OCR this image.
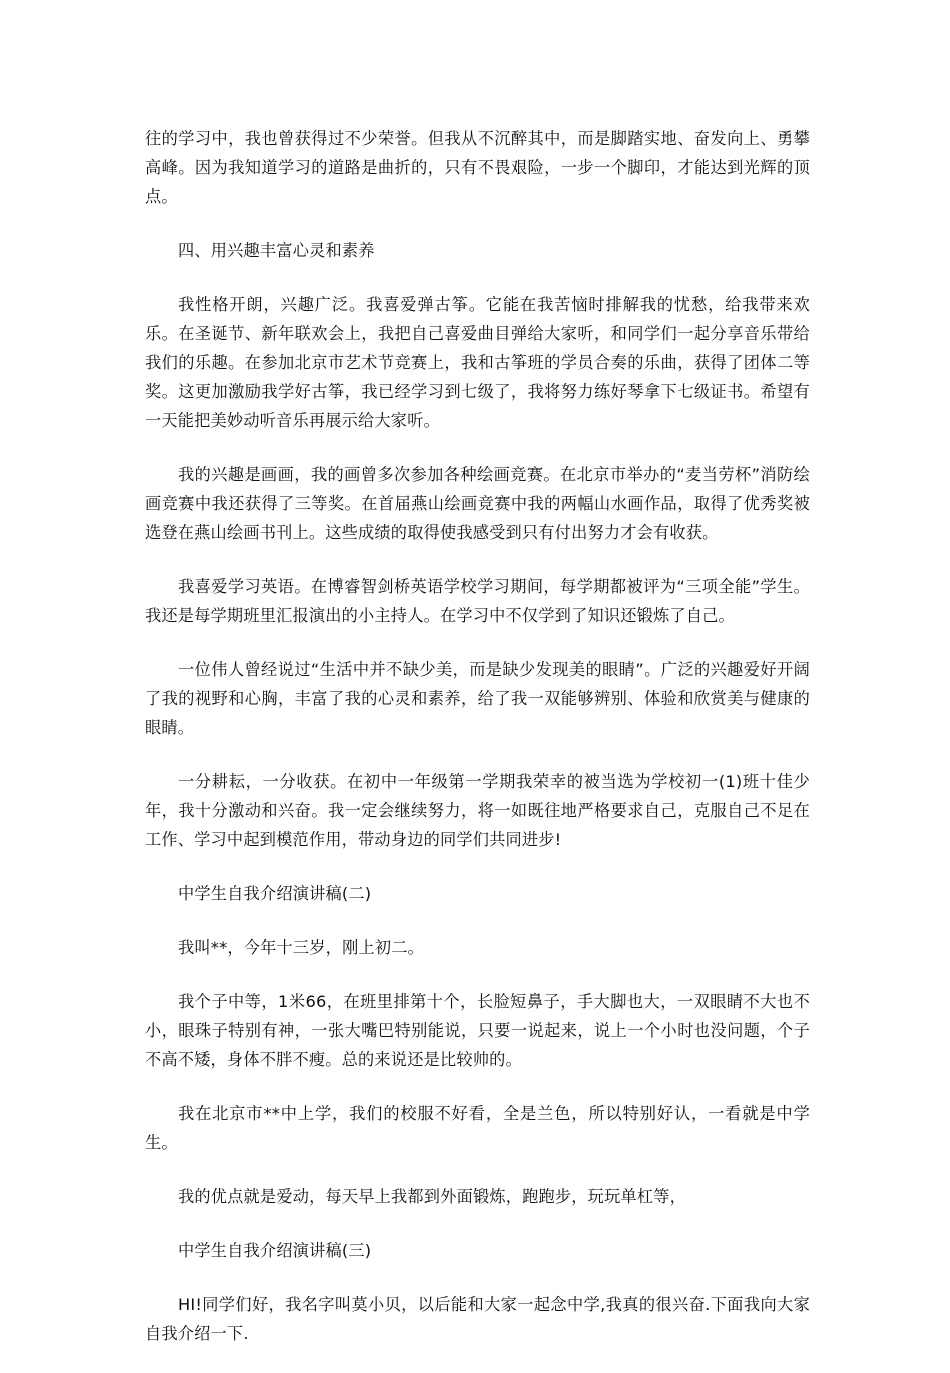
往的学习中，我也曾获得过不少荣誉。但我从不沉醉其中，而是脚踏实地、奋发向上、勇攀高峰。因为我知道学习的道路是曲折的，只有不畏艰险，一步一个脚印，才能达到光辉的顶点。

四、用兴趣丰富心灵和素养

我性格开朗，兴趣广泛。我喜爱弹古筝。它能在我苦恼时排解我的忧愁，给我带来欢乐。在圣诞节、新年联欢会上，我把自己喜爱曲目弹给大家听，和同学们一起分享音乐带给我们的乐趣。在参加北京市艺术节竞赛上，我和古筝班的学员合奏的乐曲，获得了团体二等奖。这更加激励我学好古筝，我已经学习到七级了，我将努力练好琴拿下七级证书。希望有一天能把美妙动听音乐再展示给大家听。

我的兴趣是画画，我的画曾多次参加各种绘画竞赛。在北京市举办的“麦当劳杯”消防绘画竞赛中我还获得了三等奖。在首届燕山绘画竞赛中我的两幅山水画作品，取得了优秀奖被选登在燕山绘画书刊上。这些成绩的取得使我感受到只有付出努力才会有收获。

我喜爱学习英语。在博睿智剑桥英语学校学习期间，每学期都被评为“三项全能”学生。我还是每学期班里汇报演出的小主持人。在学习中不仅学到了知识还锻炼了自己。

一位伟人曾经说过“生活中并不缺少美，而是缺少发现美的眼睛”。广泛的兴趣爱好开阔了我的视野和心胸，丰富了我的心灵和素养，给了我一双能够辨别、体验和欣赏美与健康的眼睛。

一分耕耘，一分收获。在初中一年级第一学期我荣幸的被当选为学校初一(1)班十佳少年，我十分激动和兴奋。我一定会继续努力，将一如既往地严格要求自己，克服自己不足在工作、学习中起到模范作用，带动身边的同学们共同进步!

中学生自我介绍演讲稿(二)

我叫**，今年十三岁，刚上初二。

我个子中等，1米66，在班里排第十个，长脸短鼻子，手大脚也大，一双眼睛不大也不小，眼珠子特别有神，一张大嘴巴特别能说，只要一说起来，说上一个小时也没问题，个子不高不矮，身体不胖不瘦。总的来说还是比较帅的。

我在北京市**中上学，我们的校服不好看，全是兰色，所以特别好认，一看就是中学生。

我的优点就是爱动，每天早上我都到外面锻炼，跑跑步，玩玩单杠等，

中学生自我介绍演讲稿(三)

HI!同学们好，我名字叫莫小贝，以后能和大家一起念中学,我真的很兴奋.下面我向大家自我介绍一下.
